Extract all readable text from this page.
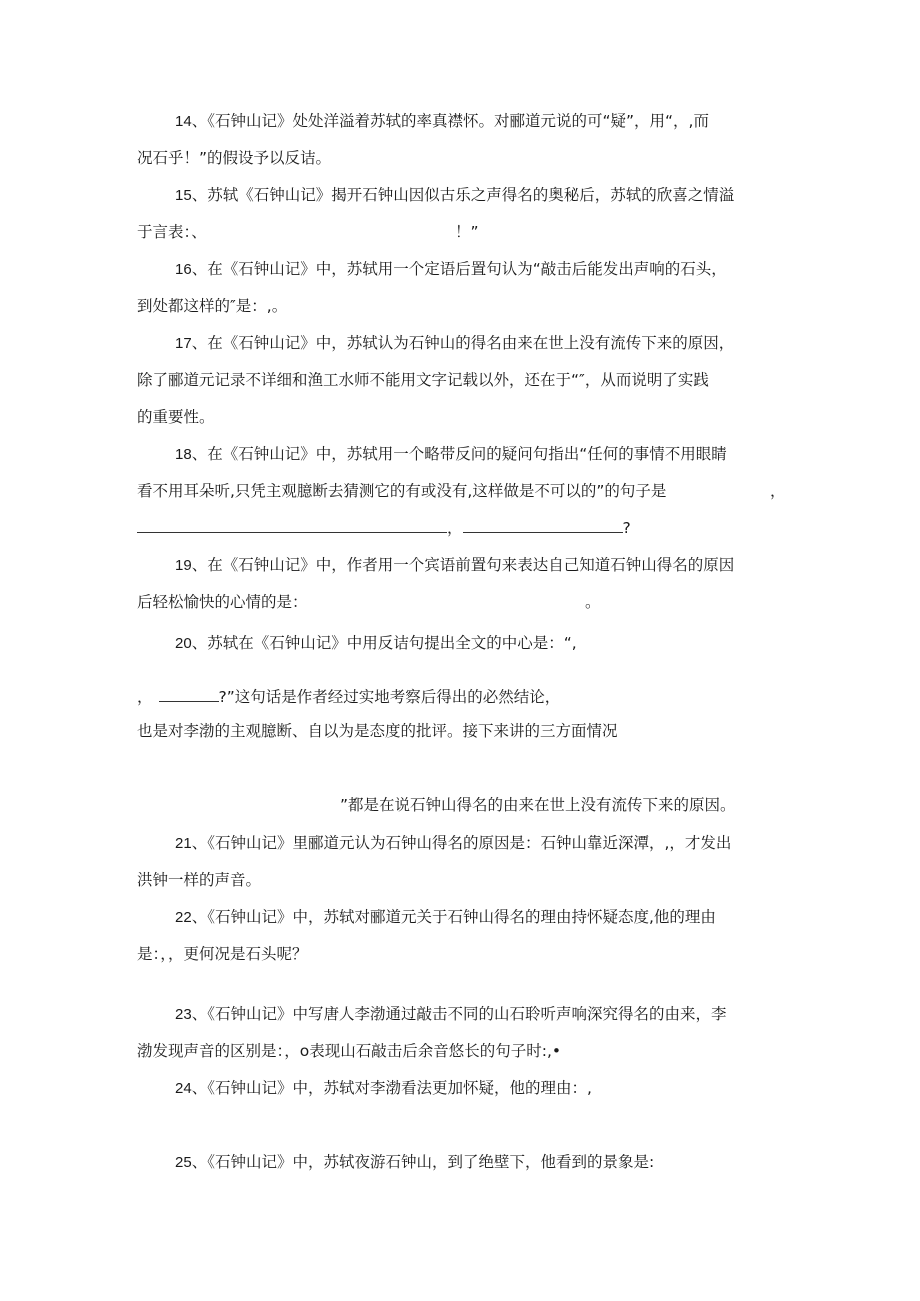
14、《石钟山记》处处洋溢着苏轼的率真襟怀。对郦道元说的可“疑”，用“，,而
况石乎！”的假设予以反诘。
15、苏轼《石钟山记》揭开石钟山因似古乐之声得名的奥秘后，苏轼的欣喜之情溢
于言表：、	！”
16、在《石钟山记》中，苏轼用一个定语后置句认为“敲击后能发出声响的石头，
到处都这样的″是：,。
17、在《石钟山记》中，苏轼认为石钟山的得名由来在世上没有流传下来的原因，
除了郦道元记录不详细和渔工水师不能用文字记载以外，还在于“″，从而说明了实践
的重要性。
18、在《石钟山记》中，苏轼用一个略带反问的疑问句指出“任何的事情不用眼睛
看不用耳朵听,只凭主观臆断去猜测它的有或没有,这样做是不可以的”的句子是	，
，	?
19、在《石钟山记》中，作者用一个宾语前置句来表达自己知道石钟山得名的原因
后轻松愉快的心情的是：	。
20、苏轼在《石钟山记》中用反诘句提出全文的中心是：“,
，	?”这句话是作者经过实地考察后得出的必然结论，
也是对李渤的主观臆断、自以为是态度的批评。接下来讲的三方面情况
”都是在说石钟山得名的由来在世上没有流传下来的原因。
21、《石钟山记》里郦道元认为石钟山得名的原因是：石钟山靠近深潭，,，才发出
洪钟一样的声音。
22、《石钟山记》中，苏轼对郦道元关于石钟山得名的理由持怀疑态度,他的理由
是：，，更何况是石头呢？
23、《石钟山记》中写唐人李渤通过敲击不同的山石聆听声响深究得名的由来，李
渤发现声音的区别是：，o表现山石敲击后余音悠长的句子时:,•
24、《石钟山记》中，苏轼对李渤看法更加怀疑，他的理由：,
25、《石钟山记》中，苏轼夜游石钟山，到了绝壁下，他看到的景象是:
